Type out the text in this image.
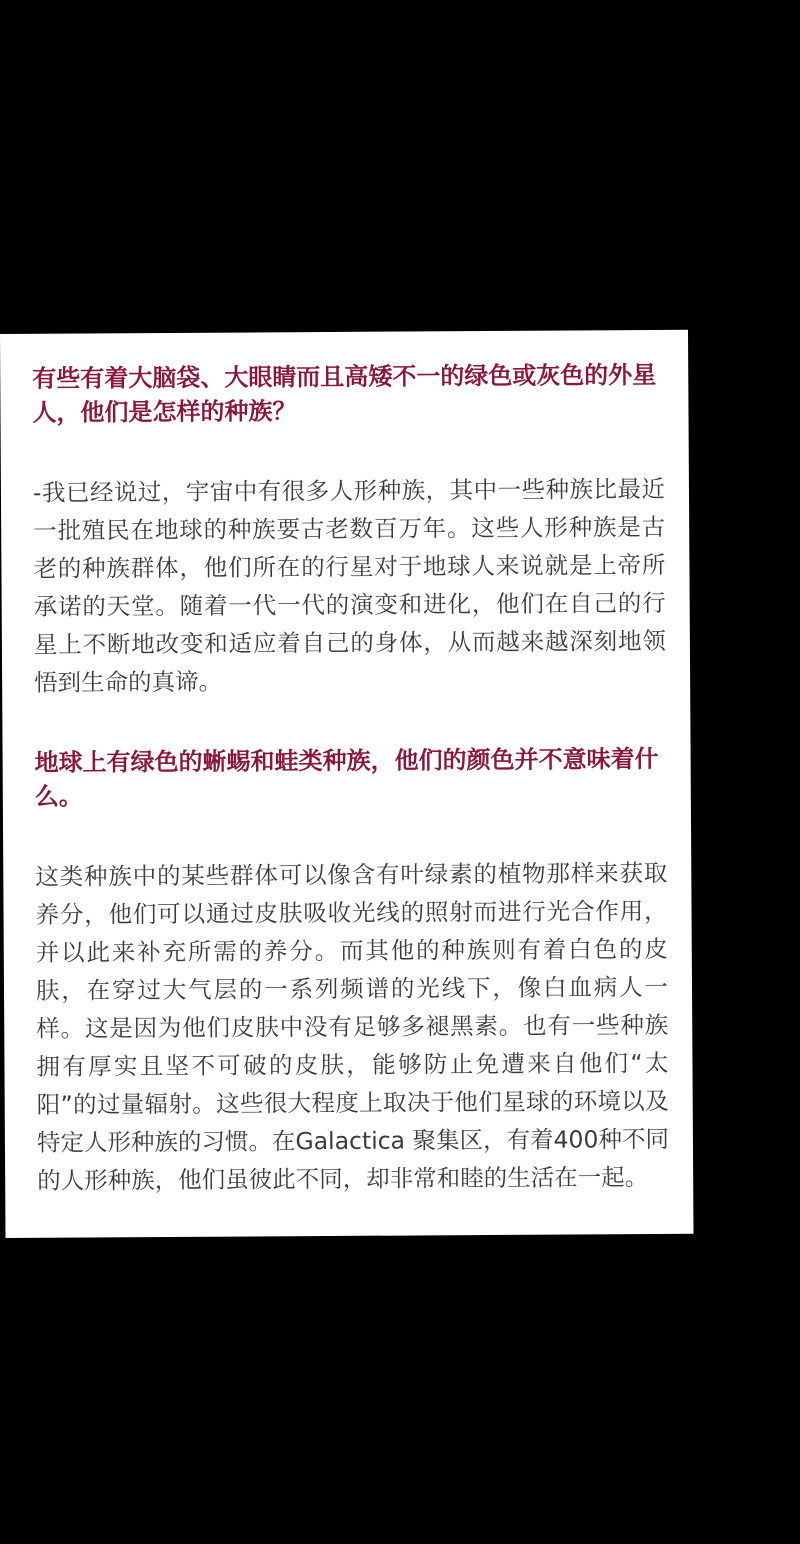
有些有着大脑袋、大眼睛而且高矮不一的绿色或灰色的外星人，他们是怎样的种族？

-我已经说过，宇宙中有很多人形种族，其中一些种族比最近一批殖民在地球的种族要古老数百万年。这些人形种族是古老的种族群体，他们所在的行星对于地球人来说就是上帝所承诺的天堂。随着一代一代的演变和进化，他们在自己的行星上不断地改变和适应着自己的身体，从而越来越深刻地领悟到生命的真谛。

地球上有绿色的蜥蜴和蛙类种族，他们的颜色并不意味着什么。

这类种族中的某些群体可以像含有叶绿素的植物那样来获取养分，他们可以通过皮肤吸收光线的照射而进行光合作用，并以此来补充所需的养分。而其他的种族则有着白色的皮肤，在穿过大气层的一系列频谱的光线下，像白血病人一样。这是因为他们皮肤中没有足够多褪黑素。也有一些种族拥有厚实且坚不可破的皮肤，能够防止免遭来自他们“太阳”的过量辐射。这些很大程度上取决于他们星球的环境以及特定人形种族的习惯。在Galactica 聚集区，有着400种不同的人形种族，他们虽彼此不同，却非常和睦的生活在一起。
